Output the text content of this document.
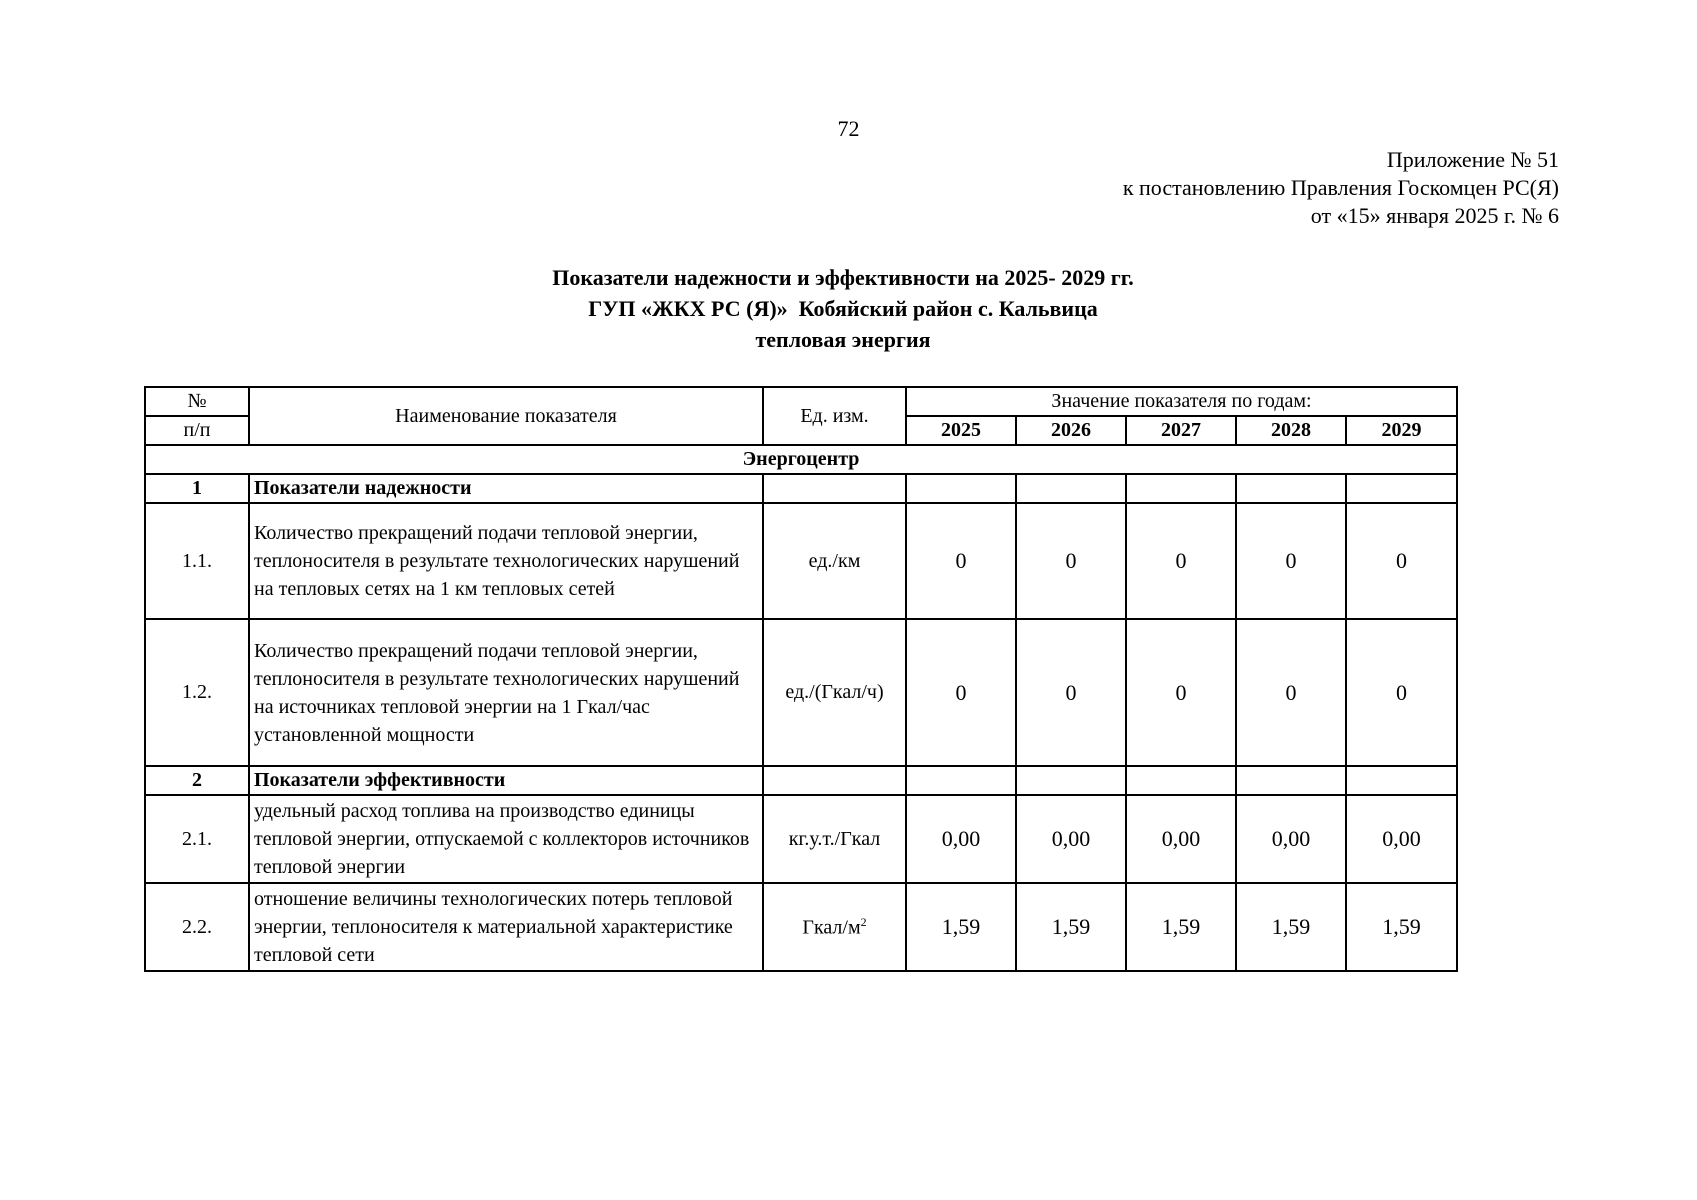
72
Приложение № 51
к постановлению Правления Госкомцен РС(Я)
от «15» января 2025 г. № 6
Показатели надежности и эффективности на 2025- 2029 гг.
ГУП «ЖКХ РС (Я)»  Кобяйский район с. Кальвица
тепловая энергия
№	Наименование показателя	Ед. изм.	Значение показателя по годам:				
п/п			2025	2026	2027	2028	2029
Энергоцентр							
1	Показатели надежности						
1.1.	Количество прекращений подачи тепловой энергии, теплоносителя в результате технологических нарушений на тепловых сетях на 1 км тепловых сетей	ед./км	0	0	0	0	0
1.2.	Количество прекращений подачи тепловой энергии, теплоносителя в результате технологических нарушений на источниках тепловой энергии на 1 Гкал/час установленной мощности	ед./(Гкал/ч)	0	0	0	0	0
2	Показатели эффективности						
2.1.	удельный расход топлива на производство единицы тепловой энергии, отпускаемой с коллекторов источников тепловой энергии	кг.у.т./Гкал	0,00	0,00	0,00	0,00	0,00
2.2.	отношение величины технологических потерь тепловой энергии, теплоносителя к материальной характеристике тепловой сети	Гкал/$м^2$	1,59	1,59	1,59	1,59	1,59
